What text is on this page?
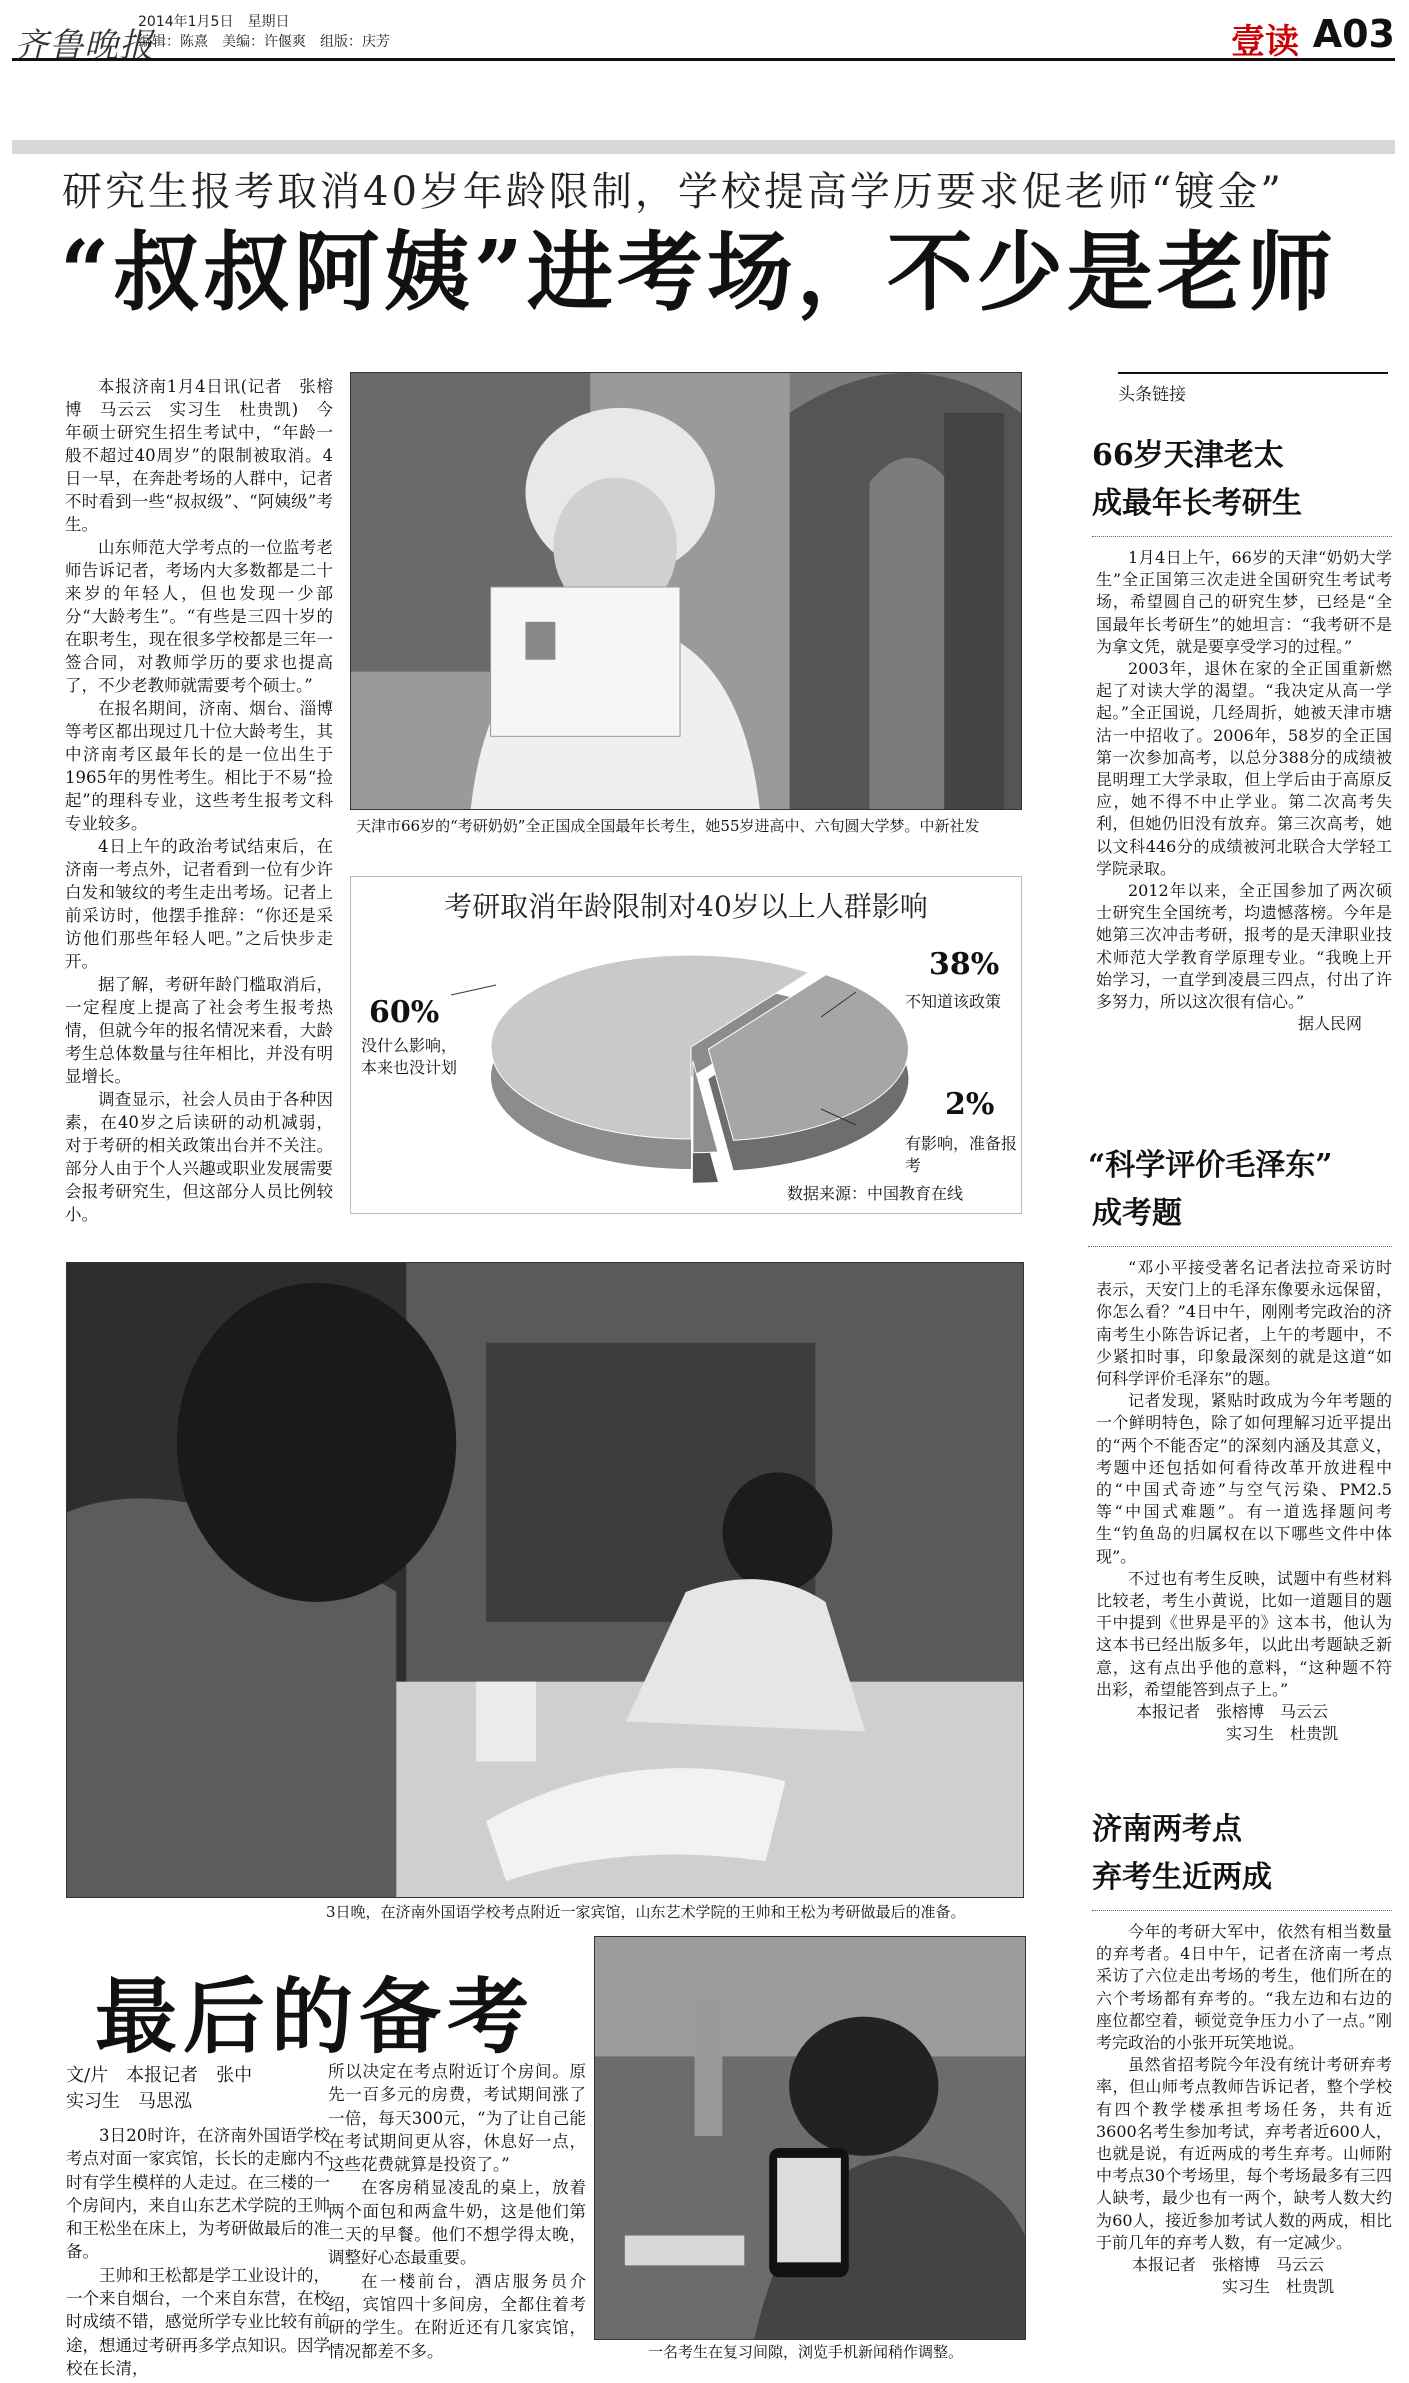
齐鲁晚报
2014年1月5日　星期日
编辑：陈熹　美编：许偃爽　组版：庆芳	壹读 A03
研究生报考取消40岁年龄限制，学校提高学历要求促老师“镀金”
“叔叔阿姨”进考场，不少是老师

本报济南1月4日讯(记者　张榕博　马云云　实习生　杜贵凯)　今年硕士研究生招生考试中，“年龄一般不超过40周岁”的限制被取消。4日一早，在奔赴考场的人群中，记者不时看到一些“叔叔级”、“阿姨级”考生。

山东师范大学考点的一位监考老师告诉记者，考场内大多数都是二十来岁的年轻人，但也发现一少部分“大龄考生”。“有些是三四十岁的在职考生，现在很多学校都是三年一签合同，对教师学历的要求也提高了，不少老教师就需要考个硕士。”

在报名期间，济南、烟台、淄博等考区都出现过几十位大龄考生，其中济南考区最年长的是一位出生于1965年的男性考生。相比于不易“捡起”的理科专业，这些考生报考文科专业较多。

4日上午的政治考试结束后，在济南一考点外，记者看到一位有少许白发和皱纹的考生走出考场。记者上前采访时，他摆手推辞：“你还是采访他们那些年轻人吧。”之后快步走开。

据了解，考研年龄门槛取消后，一定程度上提高了社会考生报考热情，但就今年的报名情况来看，大龄考生总体数量与往年相比，并没有明显增长。

调查显示，社会人员由于各种因素，在40岁之后读研的动机减弱，对于考研的相关政策出台并不关注。部分人由于个人兴趣或职业发展需要会报考研究生，但这部分人员比例较小。

天津市66岁的“考研奶奶”全正国成全国最年长考生，她55岁进高中、六旬圆大学梦。中新社发
考研取消年龄限制对40岁以上人群影响
60%
没什么影响，本来也没计划
38%
不知道该政策
2%
有影响，准备报考
数据来源：中国教育在线
头条链接
66岁天津老太
成最年长考研生

1月4日上午，66岁的天津“奶奶大学生”全正国第三次走进全国研究生考试考场，希望圆自己的研究生梦，已经是“全国最年长考研生”的她坦言：“我考研不是为拿文凭，就是要享受学习的过程。”

2003年，退休在家的全正国重新燃起了对读大学的渴望。“我决定从高一学起。”全正国说，几经周折，她被天津市塘沽一中招收了。2006年，58岁的全正国第一次参加高考，以总分388分的成绩被昆明理工大学录取，但上学后由于高原反应，她不得不中止学业。第二次高考失利，但她仍旧没有放弃。第三次高考，她以文科446分的成绩被河北联合大学轻工学院录取。

2012年以来，全正国参加了两次硕士研究生全国统考，均遗憾落榜。今年是她第三次冲击考研，报考的是天津职业技术师范大学教育学原理专业。“我晚上开始学习，一直学到凌晨三四点，付出了许多努力，所以这次很有信心。”

据人民网
“科学评价毛泽东”
成考题

“邓小平接受著名记者法拉奇采访时表示，天安门上的毛泽东像要永远保留，你怎么看？”4日中午，刚刚考完政治的济南考生小陈告诉记者，上午的考题中，不少紧扣时事，印象最深刻的就是这道“如何科学评价毛泽东”的题。

记者发现，紧贴时政成为今年考题的一个鲜明特色，除了如何理解习近平提出的“两个不能否定”的深刻内涵及其意义，考题中还包括如何看待改革开放进程中的“中国式奇迹”与空气污染、PM2.5等“中国式难题”。有一道选择题问考生“钓鱼岛的归属权在以下哪些文件中体现”。

不过也有考生反映，试题中有些材料比较老，考生小黄说，比如一道题目的题干中提到《世界是平的》这本书，他认为这本书已经出版多年，以此出考题缺乏新意，这有点出乎他的意料，“这种题不符出彩，希望能答到点子上。”

本报记者　张榕博　马云云
实习生　杜贵凯
济南两考点
弃考生近两成

今年的考研大军中，依然有相当数量的弃考者。4日中午，记者在济南一考点采访了六位走出考场的考生，他们所在的六个考场都有弃考的。“我左边和右边的座位都空着，顿觉竞争压力小了一点。”刚考完政治的小张开玩笑地说。

虽然省招考院今年没有统计考研弃考率，但山师考点教师告诉记者，整个学校有四个教学楼承担考场任务，共有近3600名考生参加考试，弃考者近600人，也就是说，有近两成的考生弃考。山师附中考点30个考场里，每个考场最多有三四人缺考，最少也有一两个，缺考人数大约为60人，接近参加考试人数的两成，相比于前几年的弃考人数，有一定减少。

本报记者　张榕博　马云云
实习生　杜贵凯
3日晚，在济南外国语学校考点附近一家宾馆，山东艺术学院的王帅和王松为考研做最后的准备。
最后的备考
文/片　本报记者　张中
实习生　马思泓

3日20时许，在济南外国语学校考点对面一家宾馆，长长的走廊内不时有学生模样的人走过。在三楼的一个房间内，来自山东艺术学院的王帅和王松坐在床上，为考研做最后的准备。

王帅和王松都是学工业设计的，一个来自烟台，一个来自东营，在校时成绩不错，感觉所学专业比较有前途，想通过考研再多学点知识。因学校在长清，

所以决定在考点附近订个房间。原先一百多元的房费，考试期间涨了一倍，每天300元，“为了让自己能在考试期间更从容，休息好一点，这些花费就算是投资了。”

在客房稍显凌乱的桌上，放着两个面包和两盒牛奶，这是他们第二天的早餐。他们不想学得太晚，调整好心态最重要。

在一楼前台，酒店服务员介绍，宾馆四十多间房，全都住着考研的学生。在附近还有几家宾馆，情况都差不多。	一名考生在复习间隙，浏览手机新闻稍作调整。
